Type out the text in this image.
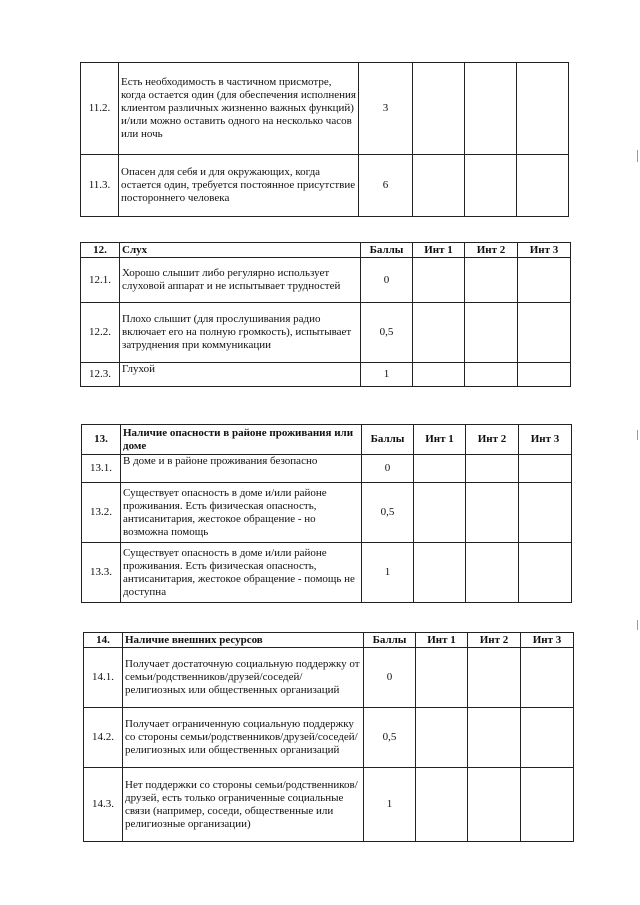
11.2.	Есть необходимость в частичном присмотре, когда остается один (для обеспечения исполнения клиентом различных жизненно важных функций) и/или можно оставить одного на несколько часов или ночь	3			
11.3.	Опасен для себя и для окружающих, когда остается один, требуется постоянное присутствие постороннего человека	6			
12.	Слух	Баллы	Инт 1	Инт 2	Инт 3
12.1.	Хорошо слышит либо регулярно использует слуховой аппарат и не испытывает трудностей	0			
12.2.	Плохо слышит (для прослушивания радио включает его на полную громкость), испытывает затруднения при коммуникации	0,5			
12.3.	Глухой	1			
13.	Наличие опасности в районе проживания или доме	Баллы	Инт 1	Инт 2	Инт 3
13.1.	В доме и в районе проживания безопасно	0			
13.2.	Существует опасность в доме и/или районе проживания. Есть физическая опасность, антисанитария, жестокое обращение - но возможна помощь	0,5			
13.3.	Существует опасность в доме и/или районе проживания. Есть физическая опасность, антисанитария, жестокое обращение - помощь не доступна	1			
14.	Наличие внешних ресурсов	Баллы	Инт 1	Инт 2	Инт 3
14.1.	Получает достаточную социальную поддержку от семьи/родственников/друзей/соседей/религиозных или общественных организаций	0			
14.2.	Получает ограниченную социальную поддержку со стороны семьи/родственников/друзей/соседей/религиозных или общественных организаций	0,5			
14.3.	Нет поддержки со стороны семьи/родственников/друзей, есть только ограниченные социальные связи (например, соседи, общественные или религиозные организации)	1			
